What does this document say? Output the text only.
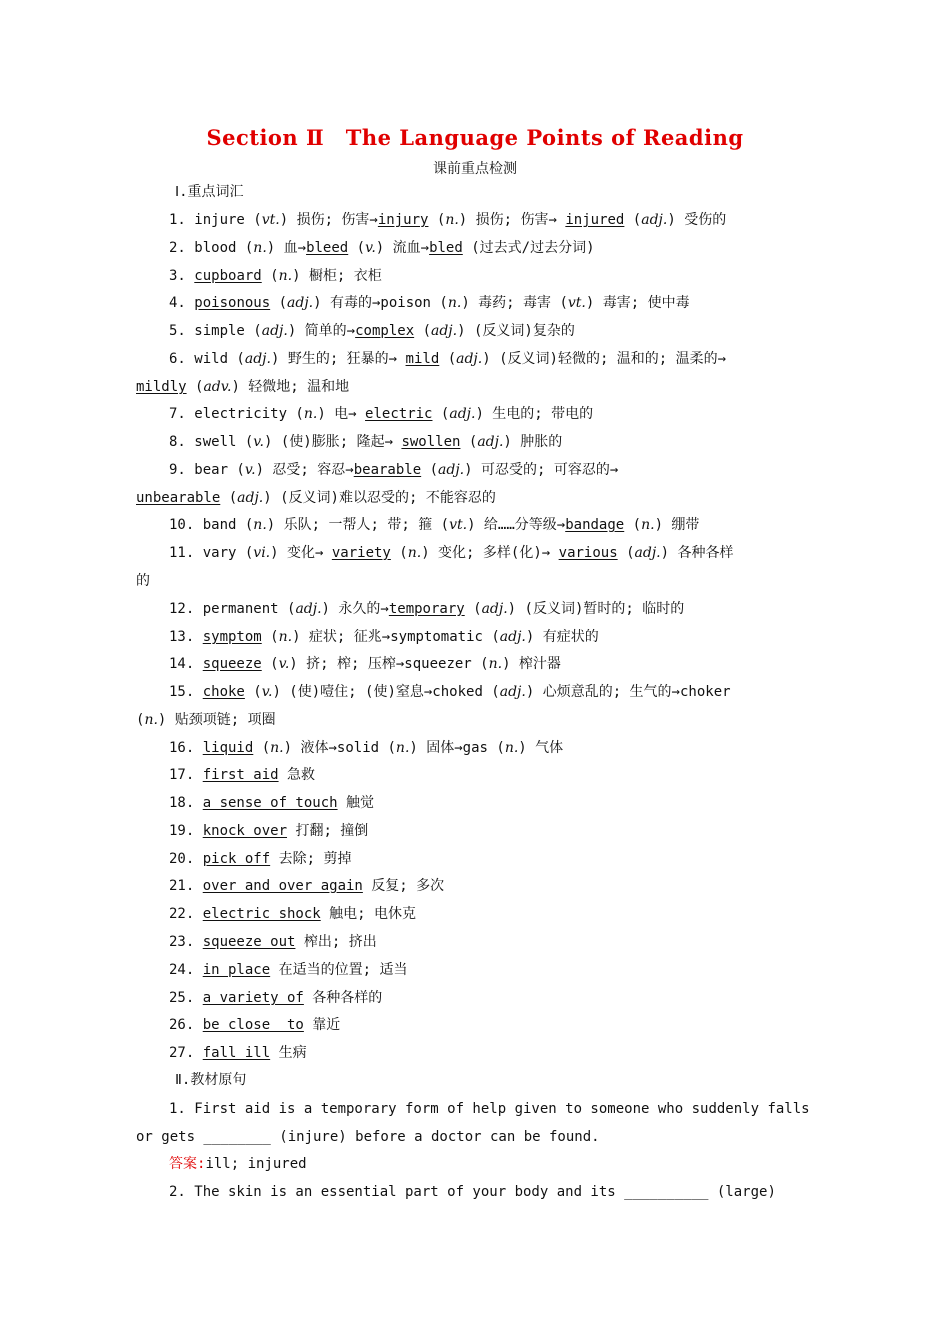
Section Ⅱ　The Language Points of Reading
课前重点检测
Ⅰ.重点词汇
1. injure (vt.) 损伤; 伤害→injury (n.) 损伤; 伤害→ injured (adj.) 受伤的
2. blood (n.) 血→bleed (v.) 流血→bled (过去式/过去分词)
3. cupboard (n.) 橱柜; 衣柜
4. poisonous (adj.) 有毒的→poison (n.) 毒药; 毒害 (vt.) 毒害; 使中毒
5. simple (adj.) 简单的→complex (adj.) (反义词)复杂的
6. wild (adj.) 野生的; 狂暴的→ mild (adj.) (反义词)轻微的; 温和的; 温柔的→
mildly (adv.) 轻微地; 温和地
7. electricity (n.) 电→ electric (adj.) 生电的; 带电的
8. swell (v.) (使)膨胀; 隆起→ swollen (adj.) 肿胀的
9. bear (v.) 忍受; 容忍→bearable (adj.) 可忍受的; 可容忍的→
unbearable (adj.) (反义词)难以忍受的; 不能容忍的
10. band (n.) 乐队; 一帮人; 带; 箍 (vt.) 给……分等级→bandage (n.) 绷带
11. vary (vi.) 变化→ variety (n.) 变化; 多样(化)→ various (adj.) 各种各样
的
12. permanent (adj.) 永久的→temporary (adj.) (反义词)暂时的; 临时的
13. symptom (n.) 症状; 征兆→symptomatic (adj.) 有症状的
14. squeeze (v.) 挤; 榨; 压榨→squeezer (n.) 榨汁器
15. choke (v.) (使)噎住; (使)窒息→choked (adj.) 心烦意乱的; 生气的→choker
(n.) 贴颈项链; 项圈
16. liquid (n.) 液体→solid (n.) 固体→gas (n.) 气体
17. first aid 急救
18. a sense of touch 触觉
19. knock over 打翻; 撞倒
20. pick off 去除; 剪掉
21. over and over again 反复; 多次
22. electric shock 触电; 电休克
23. squeeze out 榨出; 挤出
24. in place 在适当的位置; 适当
25. a variety of 各种各样的
26. be close  to 靠近
27. fall ill 生病
1. First aid is a temporary form of help given to someone who suddenly falls
or gets ________ (injure) before a doctor can be found.
答案:ill; injured
2. The skin is an essential part of your body and its __________ (large)
Ⅱ.教材原句
